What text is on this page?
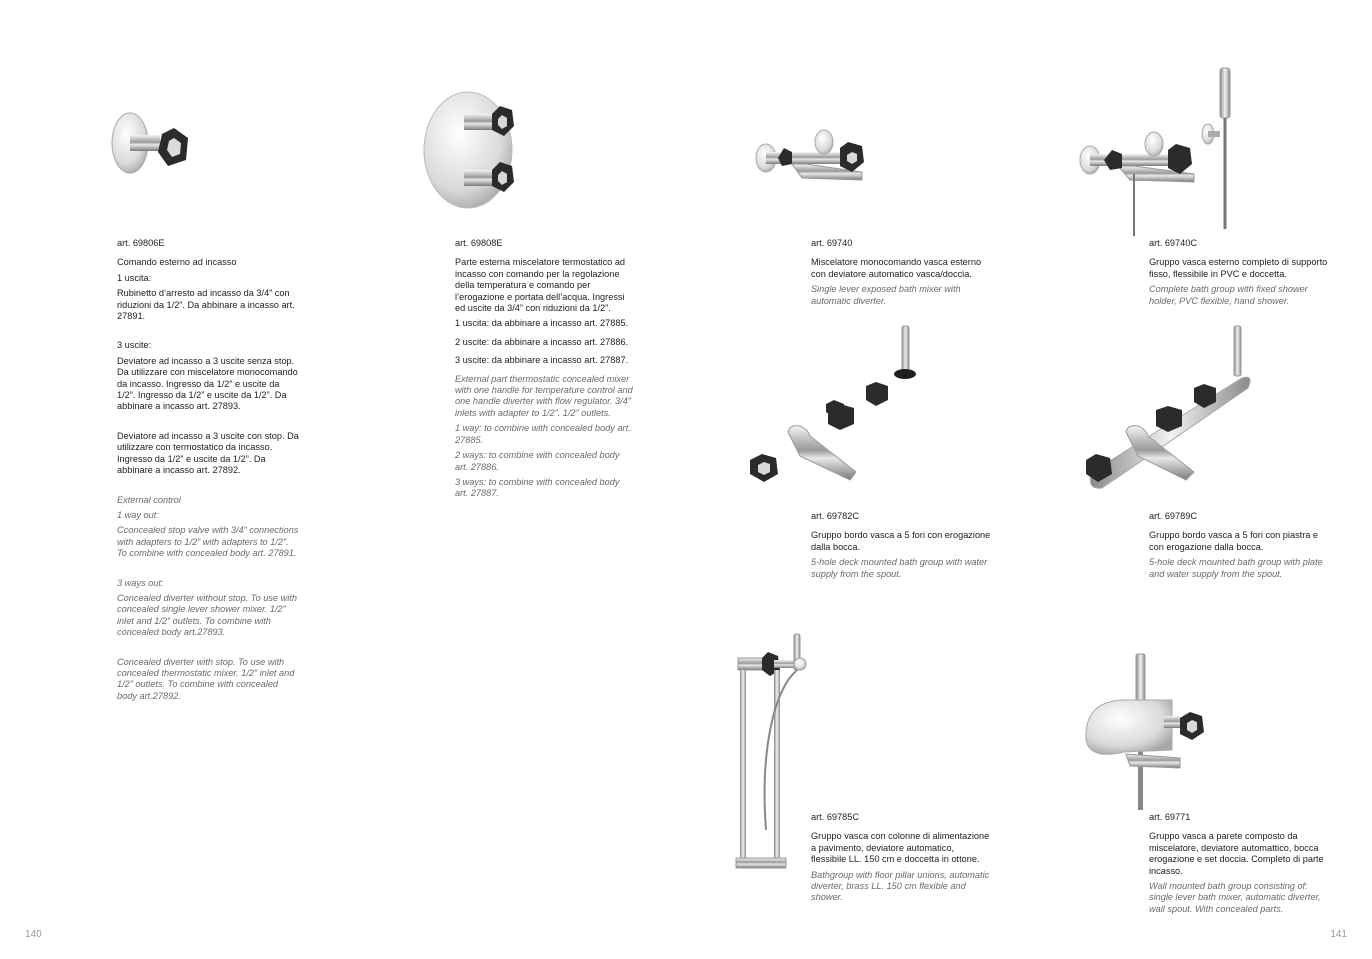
art. 69806E

Comando esterno ad incasso

1 uscita:

Rubinetto d’arresto ad incasso da 3/4” con riduzioni da 1/2”. Da abbinare a incasso art. 27891.

3 uscite:

Deviatore ad incasso a 3 uscite senza stop. Da utilizzare con miscelatore monocomando da incasso. Ingresso da 1/2” e uscite da 1/2”. Ingresso da 1/2” e uscite da 1/2”. Da abbinare a incasso art. 27893.

Deviatore ad incasso a 3 uscite con stop. Da utilizzare con termostatico da incasso. Ingresso da 1/2” e uscite da 1/2”. Da abbinare a incasso art. 27892.

External control

1 way out:

Cconcealed stop valve with 3/4” connections with adapters to 1/2” with adapters to 1/2”. To combine with concealed body art. 27891.

3 ways out:

Concealed diverter without stop. To use with concealed single lever shower mixer. 1/2” inlet and 1/2” outlets. To combine with concealed body art.27893.

Concealed diverter with stop. To use with concealed thermostatic mixer. 1/2” inlet and 1/2” outlets. To combine with concealed body art.27892.

art. 69808E

Parte esterna miscelatore termostatico ad incasso con comando per la regolazione della temperatura e comando per l’erogazione e portata dell’acqua. Ingressi ed uscite da 3/4” con riduzioni da 1/2”.

1 uscita: da abbinare a incasso art. 27885.

2 uscite: da abbinare a incasso art. 27886.

3 uscite: da abbinare a incasso art. 27887.

External part thermostatic concealed mixer with one handle for temperature control and one handle diverter with flow regulator. 3/4” inlets with adapter to 1/2”. 1/2” outlets.

1 way: to combine with concealed body art. 27885.

2 ways: to combine with concealed body art. 27886.

3 ways: to combine with concealed body art. 27887.

art. 69740

Miscelatore monocomando vasca esterno con deviatore automatico vasca/doccia.

Single lever exposed bath mixer with automatic diverter.

art. 69740C

Gruppo vasca esterno completo di supporto fisso, flessibile in PVC e doccetta.

Complete bath group with fixed shower holder, PVC flexible, hand shower.

art. 69782C

Gruppo bordo vasca a 5 fori con erogazione dalla bocca.

5-hole deck mounted bath group with water supply from the spout.

art. 69789C

Gruppo bordo vasca a 5 fori con piastra e con erogazione dalla bocca.

5-hole deck mounted bath group with plate and water supply from the spout.

art. 69785C

Gruppo vasca con colonne di alimentazione a pavimento, deviatore automatico, flessibile LL. 150 cm e doccetta in ottone.

Bathgroup with floor pillar unions, automatic diverter, brass LL. 150 cm flexible and shower.

art. 69771

Gruppo vasca a parete composto da miscelatore, deviatore automattico, bocca erogazione e set doccia. Completo di parte incasso.

Wall mounted bath group consisting of: single lever bath mixer, automatic diverter, wall spout. With concealed parts.

140	141
